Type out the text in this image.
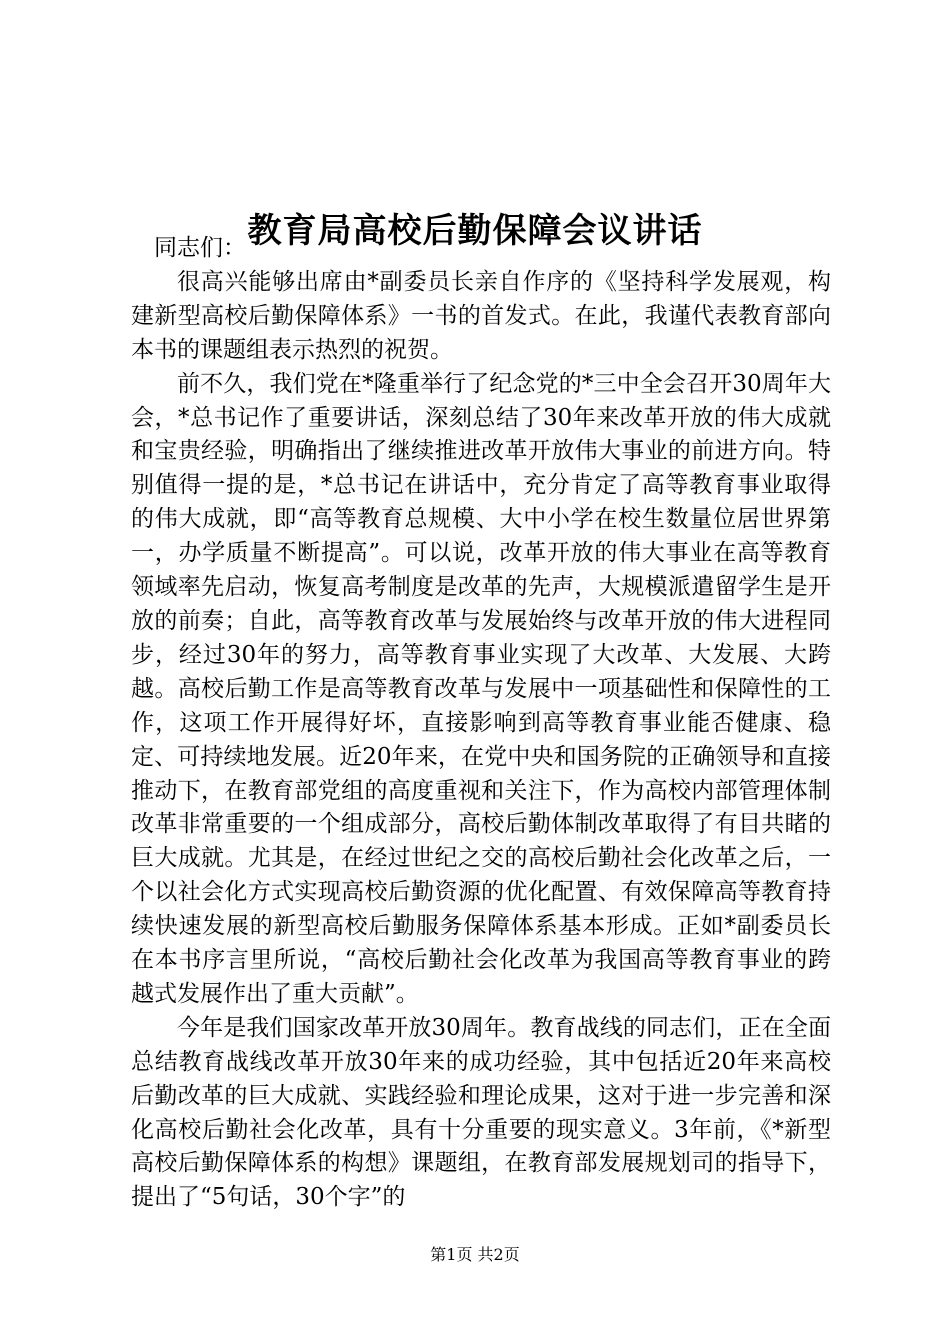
教育局高校后勤保障会议讲话

同志们：

很高兴能够出席由*副委员长亲自作序的《坚持科学发展观，构建新型高校后勤保障体系》一书的首发式。在此，我谨代表教育部向本书的课题组表示热烈的祝贺。

前不久，我们党在*隆重举行了纪念党的*三中全会召开30周年大会，*总书记作了重要讲话，深刻总结了30年来改革开放的伟大成就和宝贵经验，明确指出了继续推进改革开放伟大事业的前进方向。特别值得一提的是，*总书记在讲话中，充分肯定了高等教育事业取得的伟大成就，即“高等教育总规模、大中小学在校生数量位居世界第一，办学质量不断提高”。可以说，改革开放的伟大事业在高等教育领域率先启动，恢复高考制度是改革的先声，大规模派遣留学生是开放的前奏；自此，高等教育改革与发展始终与改革开放的伟大进程同步，经过30年的努力，高等教育事业实现了大改革、大发展、大跨越。高校后勤工作是高等教育改革与发展中一项基础性和保障性的工作，这项工作开展得好坏，直接影响到高等教育事业能否健康、稳定、可持续地发展。近20年来，在党中央和国务院的正确领导和直接推动下，在教育部党组的高度重视和关注下，作为高校内部管理体制改革非常重要的一个组成部分，高校后勤体制改革取得了有目共睹的巨大成就。尤其是，在经过世纪之交的高校后勤社会化改革之后，一个以社会化方式实现高校后勤资源的优化配置、有效保障高等教育持续快速发展的新型高校后勤服务保障体系基本形成。正如*副委员长在本书序言里所说，“高校后勤社会化改革为我国高等教育事业的跨越式发展作出了重大贡献”。

今年是我们国家改革开放30周年。教育战线的同志们，正在全面总结教育战线改革开放30年来的成功经验，其中包括近20年来高校后勤改革的巨大成就、实践经验和理论成果，这对于进一步完善和深化高校后勤社会化改革，具有十分重要的现实意义。3年前，《*新型高校后勤保障体系的构想》课题组，在教育部发展规划司的指导下，提出了“5句话，30个字”的

第1页 共2页
